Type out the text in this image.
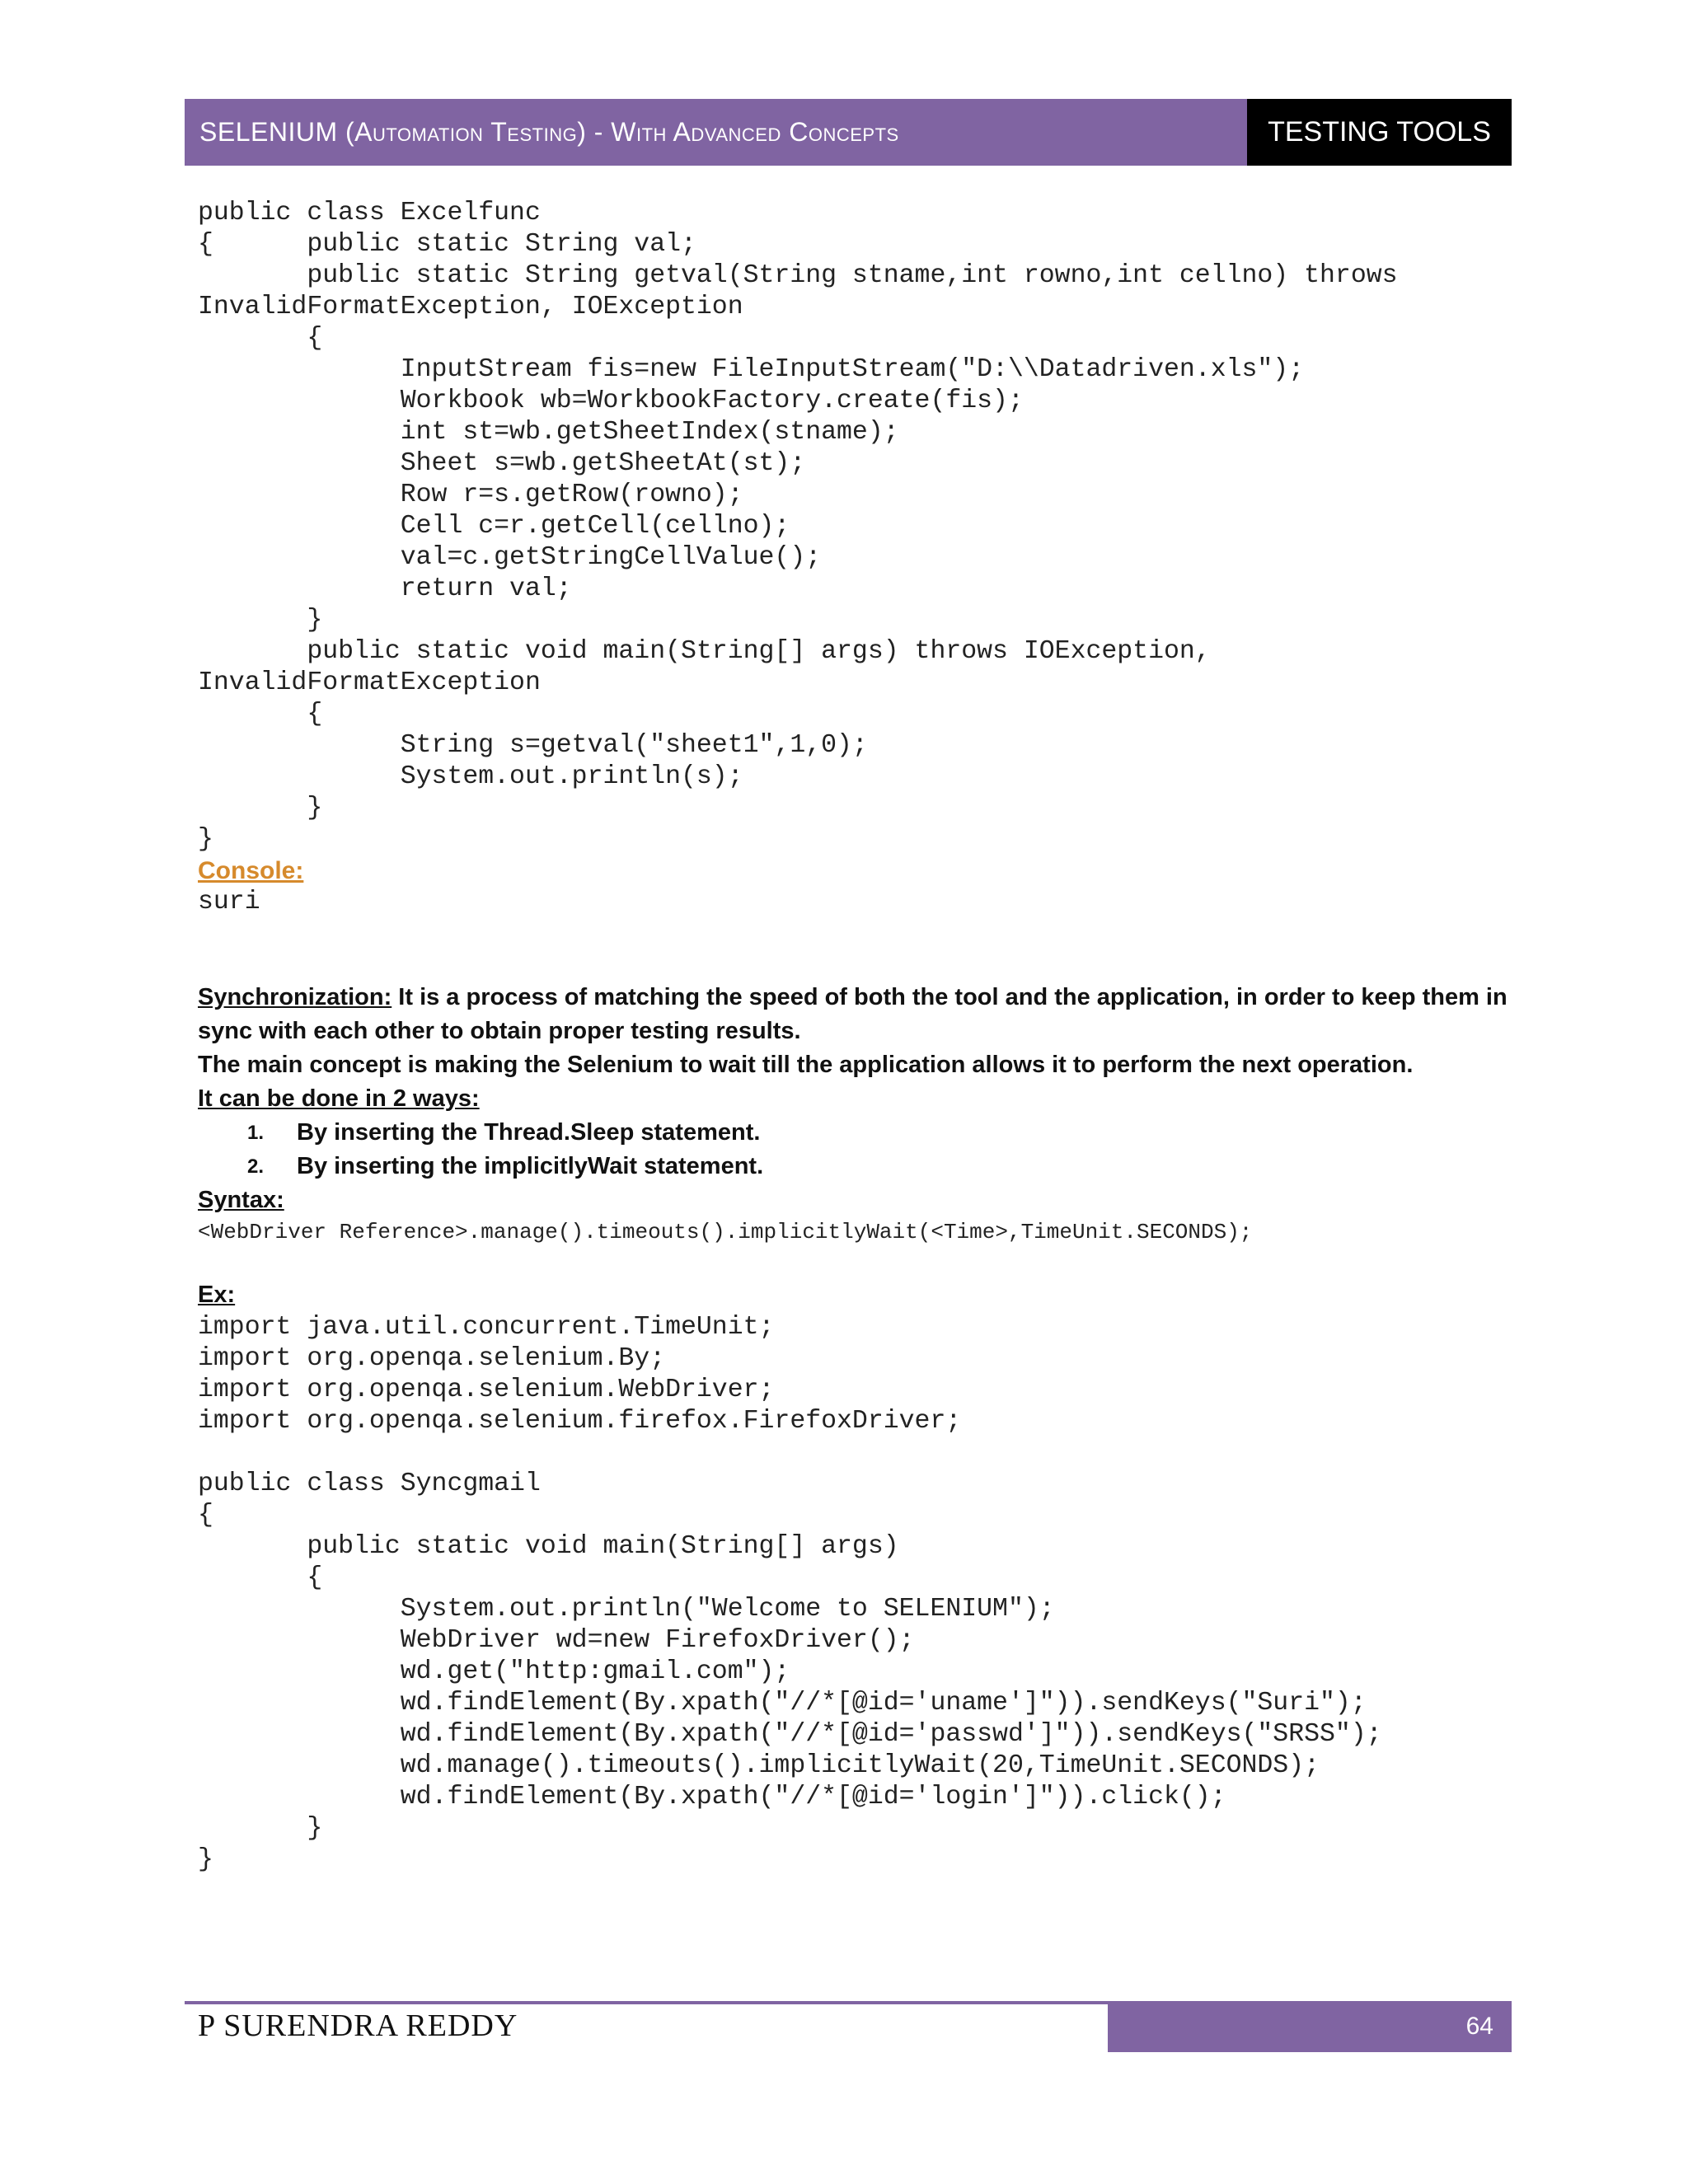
SELENIUM (Automation Testing) - With Advanced Concepts	TESTING TOOLS
public class Excelfunc
{      public static String val;
public static String getval(String stname,int rowno,int cellno) throws
InvalidFormatException, IOException
{
InputStream fis=new FileInputStream("D:\\Datadriven.xls");
Workbook wb=WorkbookFactory.create(fis);
int st=wb.getSheetIndex(stname);
Sheet s=wb.getSheetAt(st);
Row r=s.getRow(rowno);
Cell c=r.getCell(cellno);
val=c.getStringCellValue();
return val;
}
public static void main(String[] args) throws IOException,
InvalidFormatException
{
String s=getval("sheet1",1,0);
System.out.println(s);
}
}
Console:
suri

Synchronization: It is a process of matching the speed of both the tool and the application, in order to keep them in sync with each other to obtain proper testing results.

The main concept is making the Selenium to wait till the application allows it to perform the next operation.

It can be done in 2 ways:

1.	By inserting the Thread.Sleep statement.
2.	By inserting the implicitlyWait statement.

Syntax:

<WebDriver Reference>.manage().timeouts().implicitlyWait(<Time>,TimeUnit.SECONDS);

Ex:

import java.util.concurrent.TimeUnit;
import org.openqa.selenium.By;
import org.openqa.selenium.WebDriver;
import org.openqa.selenium.firefox.FirefoxDriver;

public class Syncgmail
{
public static void main(String[] args)
{
System.out.println("Welcome to SELENIUM");
WebDriver wd=new FirefoxDriver();
wd.get("http:gmail.com");
wd.findElement(By.xpath("//*[@id='uname']")).sendKeys("Suri");
wd.findElement(By.xpath("//*[@id='passwd']")).sendKeys("SRSS");
wd.manage().timeouts().implicitlyWait(20,TimeUnit.SECONDS);
wd.findElement(By.xpath("//*[@id='login']")).click();
}
}
P SURENDRA REDDY	64
